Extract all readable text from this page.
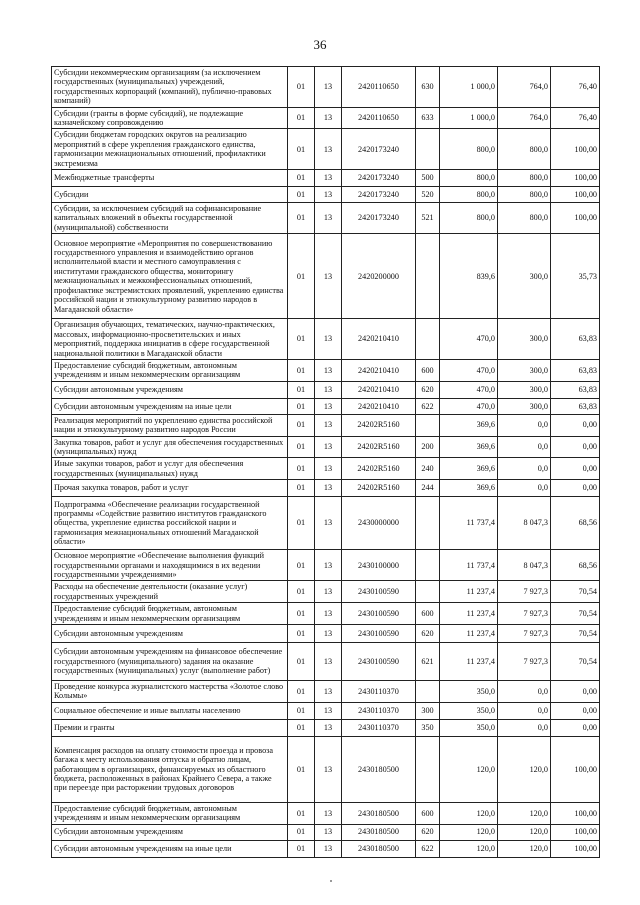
36
Субсидии некоммерческим организациям (за исключением государственных (муниципальных) учреждений, государственных корпораций (компаний), публично-правовых компаний)	01	13	2420110650	630	1 000,0	764,0	76,40
Субсидии (гранты в форме субсидий), не подлежащие казначейскому сопровождению	01	13	2420110650	633	1 000,0	764,0	76,40
Субсидии бюджетам городских округов на реализацию мероприятий в сфере укрепления гражданского единства, гармонизации межнациональных отношений, профилактики экстремизма	01	13	2420173240		800,0	800,0	100,00
Межбюджетные трансферты	01	13	2420173240	500	800,0	800,0	100,00
Субсидии	01	13	2420173240	520	800,0	800,0	100,00
Субсидии, за исключением субсидий на софинансирование капитальных вложений в объекты государственной (муниципальной) собственности	01	13	2420173240	521	800,0	800,0	100,00
Основное мероприятие «Мероприятия по совершенствованию государственного управления и взаимодействию органов исполнительной власти и местного самоуправления с институтами гражданского общества, мониторингу межнациональных и межконфессиональных отношений, профилактике экстремистских проявлений, укреплению единства российской нации и этнокультурному развитию народов в Магаданской области»	01	13	2420200000		839,6	300,0	35,73
Организация обучающих, тематических, научно-практических, массовых, информационно-просветительских и иных мероприятий, поддержка инициатив в сфере государственной национальной политики в Магаданской области	01	13	2420210410		470,0	300,0	63,83
Предоставление субсидий бюджетным, автономным учреждениям и иным некоммерческим организациям	01	13	2420210410	600	470,0	300,0	63,83
Субсидии автономным учреждениям	01	13	2420210410	620	470,0	300,0	63,83
Субсидии автономным учреждениям на иные цели	01	13	2420210410	622	470,0	300,0	63,83
Реализация мероприятий по укреплению единства российской нации и этнокультурному развитию народов России	01	13	24202R5160		369,6	0,0	0,00
Закупка товаров, работ и услуг для обеспечения государственных (муниципальных) нужд	01	13	24202R5160	200	369,6	0,0	0,00
Иные закупки товаров, работ и услуг для обеспечения государственных (муниципальных) нужд	01	13	24202R5160	240	369,6	0,0	0,00
Прочая закупка товаров, работ и услуг	01	13	24202R5160	244	369,6	0,0	0,00
Подпрограмма «Обеспечение реализации государственной программы «Содействие развитию институтов гражданского общества, укрепление единства российской нации и гармонизация межнациональных отношений Магаданской области»	01	13	2430000000		11 737,4	8 047,3	68,56
Основное мероприятие «Обеспечение выполнения функций государственными органами и находящимися в их ведении государственными учреждениями»	01	13	2430100000		11 737,4	8 047,3	68,56
Расходы на обеспечение деятельности (оказание услуг) государственных учреждений	01	13	2430100590		11 237,4	7 927,3	70,54
Предоставление субсидий бюджетным, автономным учреждениям и иным некоммерческим организациям	01	13	2430100590	600	11 237,4	7 927,3	70,54
Субсидии автономным учреждениям	01	13	2430100590	620	11 237,4	7 927,3	70,54
Субсидии автономным учреждениям на финансовое обеспечение государственного (муниципального) задания на оказание государственных (муниципальных) услуг (выполнение работ)	01	13	2430100590	621	11 237,4	7 927,3	70,54
Проведение конкурса журналистского мастерства «Золотое слово Колымы»	01	13	2430110370		350,0	0,0	0,00
Социальное обеспечение и иные выплаты населению	01	13	2430110370	300	350,0	0,0	0,00
Премии и гранты	01	13	2430110370	350	350,0	0,0	0,00
Компенсация расходов на оплату стоимости проезда и провоза багажа к месту использования отпуска и обратно лицам, работающим в организациях, финансируемых из областного бюджета, расположенных в районах Крайнего Севера, а также при переезде при расторжении трудовых договоров	01	13	2430180500		120,0	120,0	100,00
Предоставление субсидий бюджетным, автономным учреждениям и иным некоммерческим организациям	01	13	2430180500	600	120,0	120,0	100,00
Субсидии автономным учреждениям	01	13	2430180500	620	120,0	120,0	100,00
Субсидии автономным учреждениям на иные цели	01	13	2430180500	622	120,0	120,0	100,00
